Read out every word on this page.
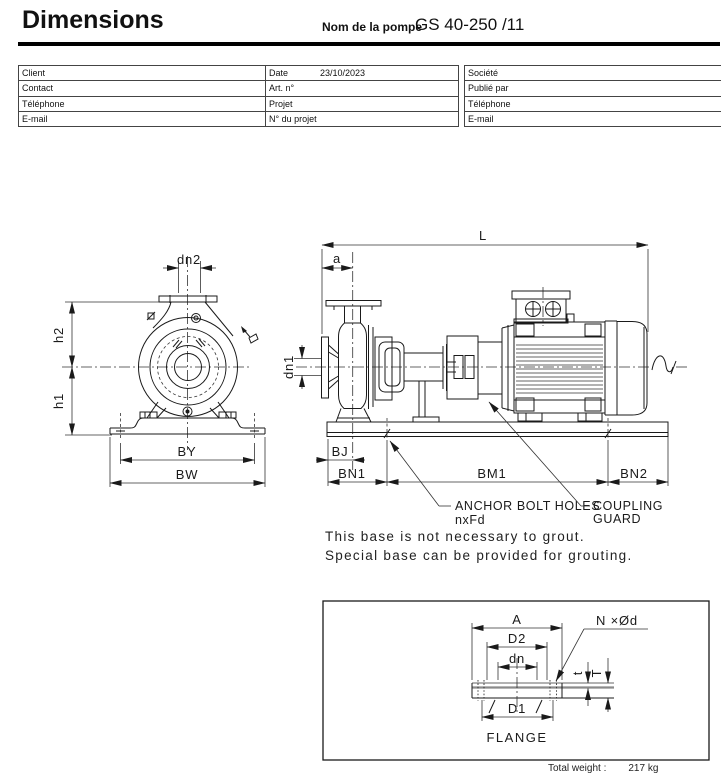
Dimensions	Nom de la pompe
GS 40-250 /11
Client	Date 23/10/2023
Contact	Art. n°
Téléphone	Projet
E-mail	N° du projet
Société
Publié par
Téléphone
E-mail
dn2
h2
h1
BY
BW
L
a
dn1
BJ
BN1	BM1	BN2
ANCHOR BOLT HOLES
nxFd
COUPLING
GUARD
This base is not necessary to grout.
Special base can be provided for grouting.
A
D2
dn
D1
FLANGE
N ×Ød
t T
Total weight : 217 kg
